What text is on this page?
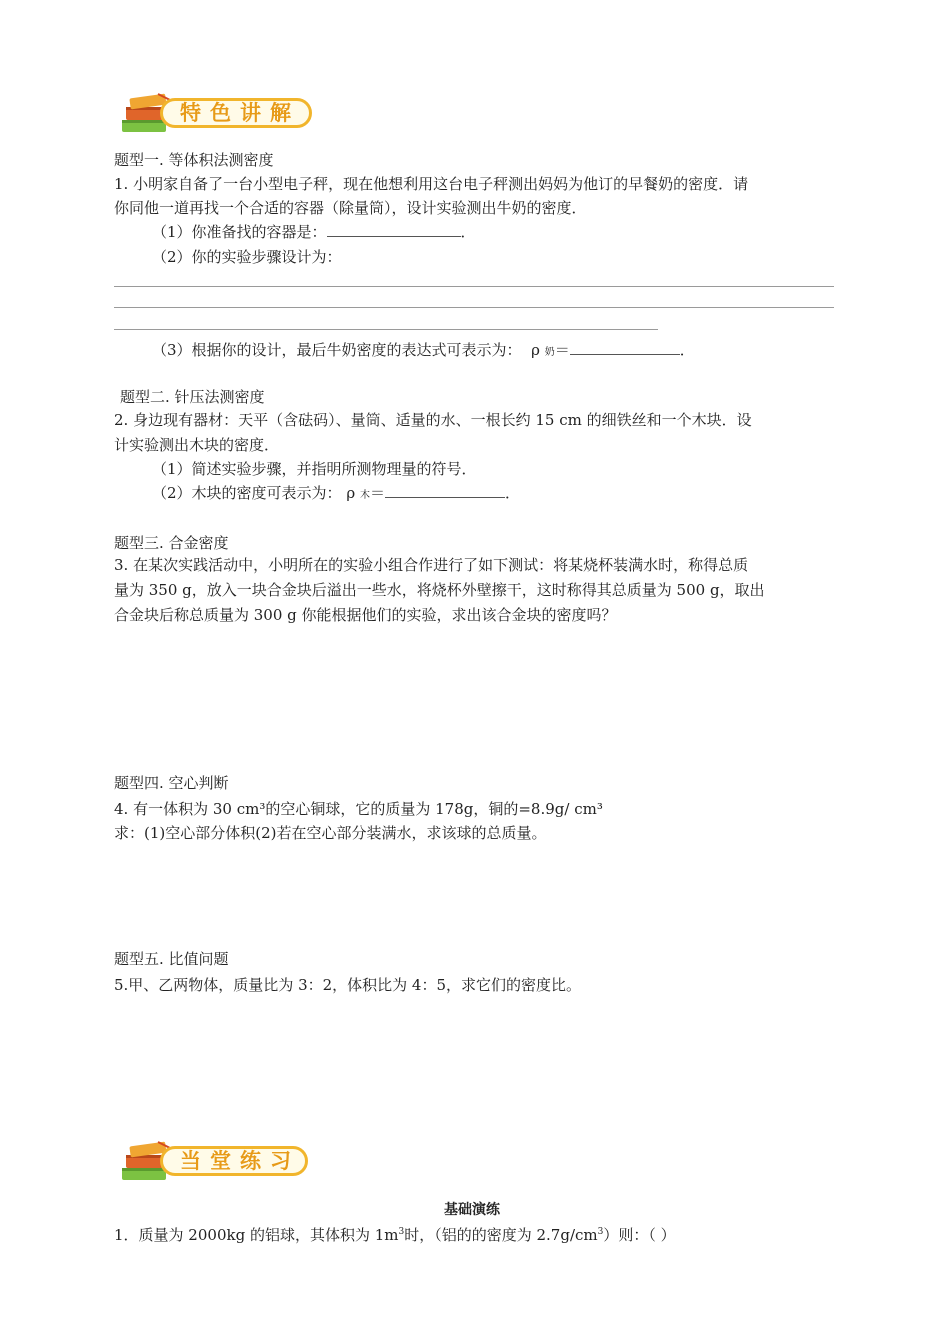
特色讲解
题型一. 等体积法测密度
1. 小明家自备了一台小型电子秤，现在他想利用这台电子秤测出妈妈为他订的早餐奶的密度．请
你同他一道再找一个合适的容器（除量筒），设计实验测出牛奶的密度．
（1）你准备找的容器是：	．
（2）你的实验步骤设计为：
（3）根据你的设计，最后牛奶密度的表达式可表示为： ρ 奶＝	．
题型二. 针压法测密度
2. 身边现有器材：天平（含砝码）、量筒、适量的水、一根长约 15 cm 的细铁丝和一个木块．设
计实验测出木块的密度．
（1）简述实验步骤，并指明所测物理量的符号．
（2）木块的密度可表示为： ρ 木＝	．
题型三. 合金密度
3. 在某次实践活动中，小明所在的实验小组合作进行了如下测试：将某烧杯装满水时，称得总质
量为 350 g，放入一块合金块后溢出一些水，将烧杯外壁擦干，这时称得其总质量为 500 g，取出
合金块后称总质量为 300 g 你能根据他们的实验，求出该合金块的密度吗？
题型四. 空心判断
4. 有一体积为 30 cm³的空心铜球，它的质量为 178g，铜的=8.9g/ cm³
求：(1)空心部分体积(2)若在空心部分装满水，求该球的总质量。
题型五. 比值问题
5.甲、乙两物体，质量比为 3：2，体积比为 4：5，求它们的密度比。
当堂练习
基础演练
1．质量为 2000kg 的铝球，其体积为 $1m^3$时，（铝的的密度为 $2.7g/cm^3$）则：（ ）
